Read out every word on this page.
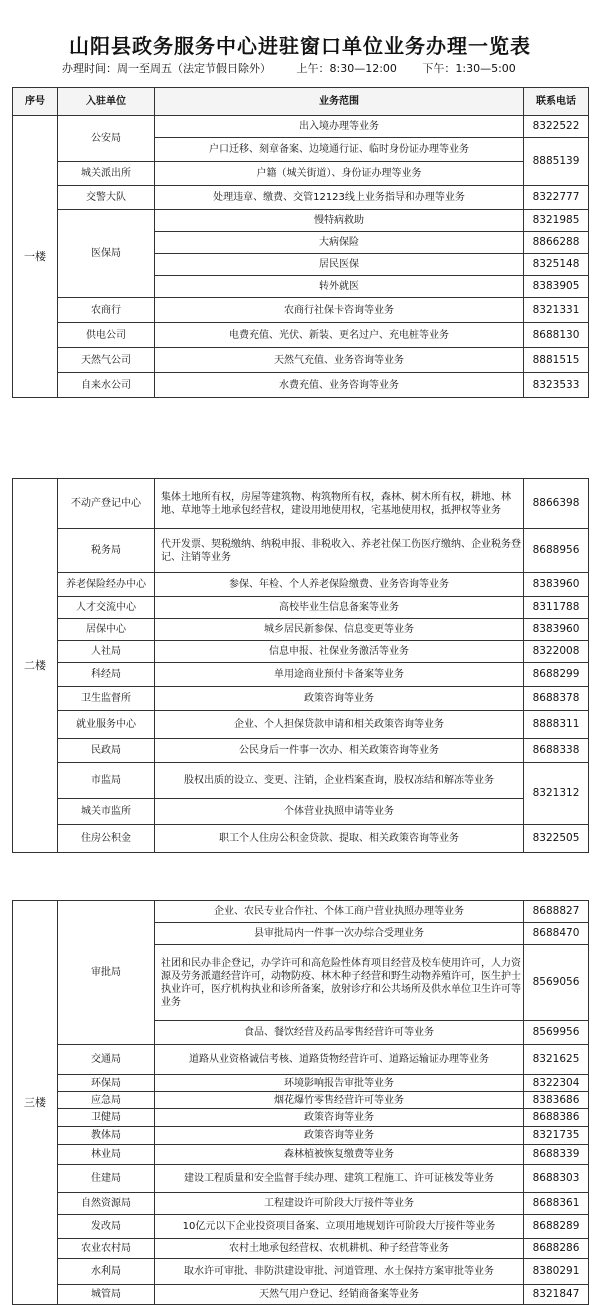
山阳县政务服务中心进驻窗口单位业务办理一览表
办理时间：周一至周五（法定节假日除外） 上午：8:30—12:00 下午：1:30—5:00
序号	入驻单位	业务范围	联系电话
一楼	公安局	出入境办理等业务	8322522
		户口迁移、刻章备案、边境通行证、临时身份证办理等业务	8885139
	城关派出所	户籍（城关街道）、身份证办理等业务	
	交警大队	处理违章、缴费、交管12123线上业务指导和办理等业务	8322777
	医保局	慢特病救助	8321985
		大病保险	8866288
		居民医保	8325148
		转外就医	8383905
	农商行	农商行社保卡咨询等业务	8321331
	供电公司	电费充值、光伏、新装、更名过户、充电桩等业务	8688130
	天然气公司	天然气充值、业务咨询等业务	8881515
	自来水公司	水费充值、业务咨询等业务	8323533
二楼	不动产登记中心	集体土地所有权，房屋等建筑物、构筑物所有权，森林、树木所有权，耕地、林地、草地等土地承包经营权，建设用地使用权，宅基地使用权，抵押权等业务	8866398
	税务局	代开发票、契税缴纳、纳税申报、非税收入、养老社保工伤医疗缴纳、企业税务登记、注销等业务	8688956
	养老保险经办中心	参保、年检、个人养老保险缴费、业务咨询等业务	8383960
	人才交流中心	高校毕业生信息备案等业务	8311788
	居保中心	城乡居民新参保、信息变更等业务	8383960
	人社局	信息申报、社保业务激活等业务	8322008
	科经局	单用途商业预付卡备案等业务	8688299
	卫生监督所	政策咨询等业务	8688378
	就业服务中心	企业、个人担保贷款申请和相关政策咨询等业务	8888311
	民政局	公民身后一件事一次办、相关政策咨询等业务	8688338
	市监局	股权出质的设立、变更、注销，企业档案查询，股权冻结和解冻等业务	8321312
	城关市监所	个体营业执照申请等业务	
	住房公积金	职工个人住房公积金贷款、提取、相关政策咨询等业务	8322505
三楼	审批局	企业、农民专业合作社、个体工商户营业执照办理等业务	8688827
		县审批局内一件事一次办综合受理业务	8688470
		社团和民办非企登记，办学许可和高危险性体育项目经营及校车使用许可，人力资源及劳务派遣经营许可，动物防疫、林木种子经营和野生动物养殖许可，医生护士执业许可，医疗机构执业和诊所备案，放射诊疗和公共场所及供水单位卫生许可等业务	8569056
		食品、餐饮经营及药品零售经营许可等业务	8569956
	交通局	道路从业资格诚信考核、道路货物经营许可、道路运输证办理等业务	8321625
	环保局	环境影响报告审批等业务	8322304
	应急局	烟花爆竹零售经营许可等业务	8383686
	卫健局	政策咨询等业务	8688386
	教体局	政策咨询等业务	8321735
	林业局	森林植被恢复缴费等业务	8688339
	住建局	建设工程质量和安全监督手续办理、建筑工程施工、许可证核发等业务	8688303
	自然资源局	工程建设许可阶段大厅接件等业务	8688361
	发改局	10亿元以下企业投资项目备案、立项用地规划许可阶段大厅接件等业务	8688289
	农业农村局	农村土地承包经营权、农机耕机、种子经营等业务	8688286
	水利局	取水许可审批、非防洪建设审批、河道管理、水土保持方案审批等业务	8380291
	城管局	天然气用户登记、经销商备案等业务	8321847
